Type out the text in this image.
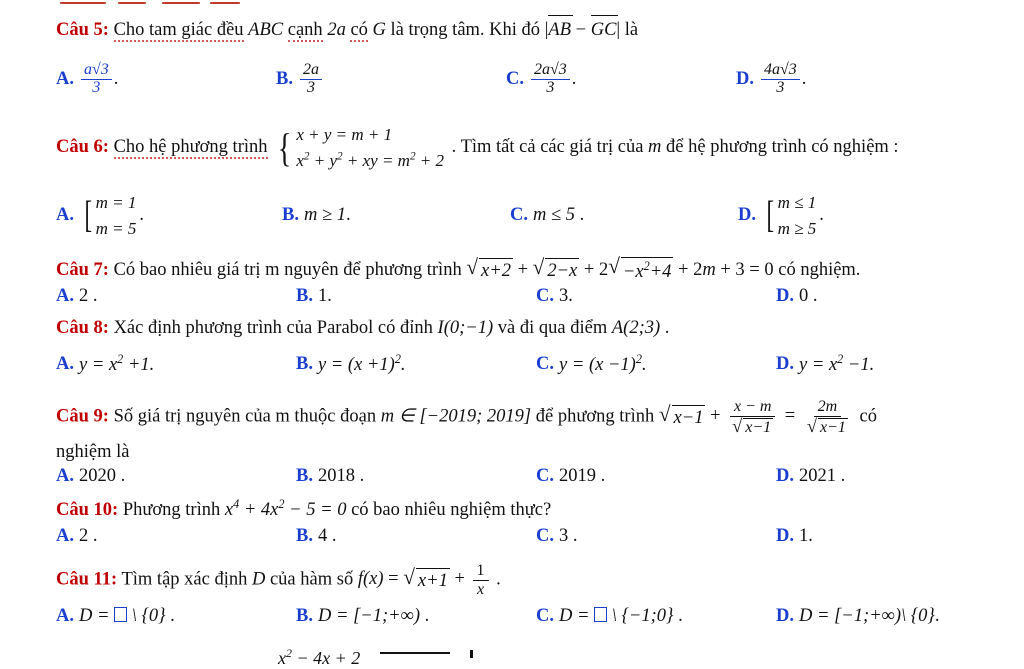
Câu 5: Cho tam giác đều ABC cạnh 2a có G là trọng tâm. Khi đó |AB − GC| là
A. $\frac{a√3}{3}$ .	B. $\frac{2a}{3}$	C. $\frac{2a√3}{3}$ .	D. $\frac{4a√3}{3}$ .
Câu 6: Cho hệ phương trình { x + y = m + 1
$x^2 + y^2$ + xy = $m^2 + 2$
. Tìm tất cả các giá trị của m để hệ phương trình có nghiệm :
A. [ m = 1
m = 5
.	B. m ≥ 1 .	C. m ≤ 5
.	D. [ m ≤ 1
m ≥ 5
.
Câu 7: Có bao nhiêu giá trị m nguyên để phương trình √ x+2 + √ 2−x + 2 √ $-x^2+4 + 2m + 3 = 0$ có nghiệm.
A. 2
.	B. 1 .	C. 3 .	D. 0
.
Câu 8: Xác định phương trình của Parabol có đỉnh I(0;−1) và đi qua điểm A(2;3) .
A. $y = x^2 +1$.	B. $y = (x +1)^2$.	C. $y = (x -1)^2$.	D. $y = x^2 -1$.
Câu 9: Số giá trị nguyên của m thuộc đoạn m ∈ [−2019; 2019] để phương trình √ $x-1 + \frac{x - m}{√ x-1} = \frac{2m}{√ x-1}$ có
nghiệm là
A. 2020
.	B. 2018
.	C. 2019
.	D. 2021
.
Câu 10: Phương trình $x^4 + 4x^2 - 5 = 0$ có bao nhiêu nghiệm thực?
A. 2
.	B. 4
.	C. 3
.	D. 1 .
Câu 11: Tìm tập xác định D của hàm số f(x) = √ $x+1 + \frac{1}{x}$ .
A. D =  \ {0}
.	B. D = [−1;+∞)
.	C. D =  \ {−1;0}
.	D. D = [−1;+∞)\ {0} .
$x^2 - 4x + 2$
